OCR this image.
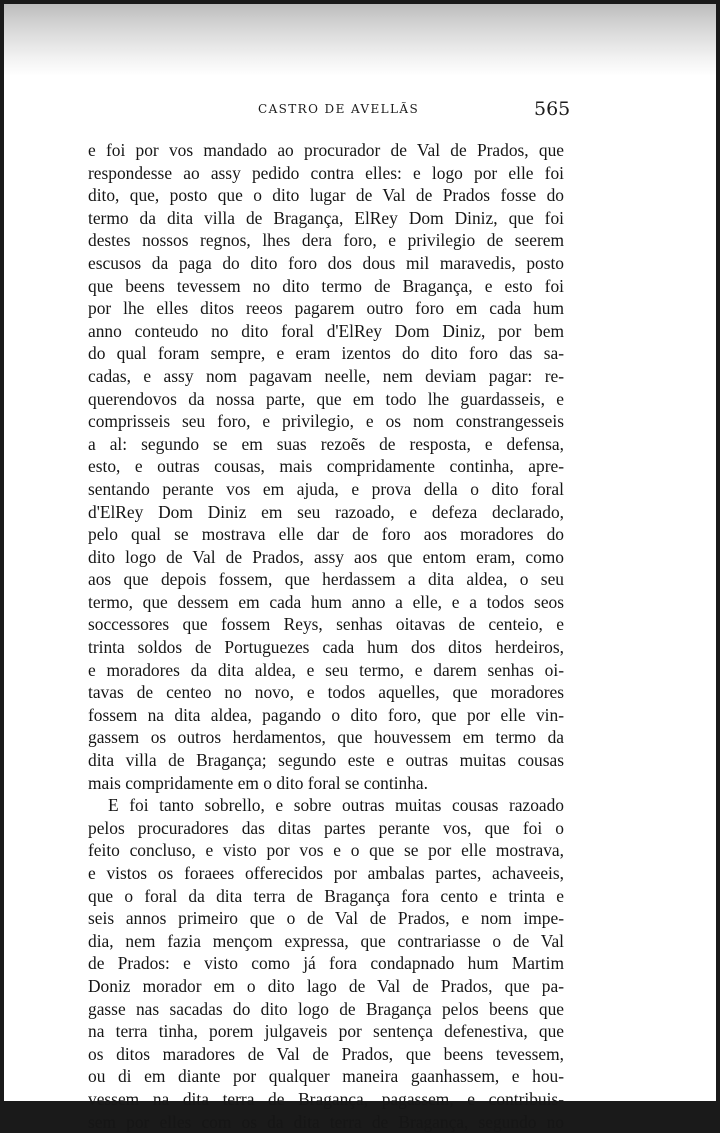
CASTRO DE AVELLÃS	565

e foi por vos mandado ao procurador de Val de Prados, que
respondesse ao assy pedido contra elles: e logo por elle foi
dito, que, posto que o dito lugar de Val de Prados fosse do
termo da dita villa de Bragança, ElRey Dom Diniz, que foi
destes nossos regnos, lhes dera foro, e privilegio de seerem
escusos da paga do dito foro dos dous mil maravedis, posto
que beens tevessem no dito termo de Bragança, e esto foi
por lhe elles ditos reeos pagarem outro foro em cada hum
anno conteudo no dito foral d'ElRey Dom Diniz, por bem
do qual foram sempre, e eram izentos do dito foro das sa-
cadas, e assy nom pagavam neelle, nem deviam pagar: re-
querendovos da nossa parte, que em todo lhe guardasseis, e
comprisseis seu foro, e privilegio, e os nom constrangesseis
a al: segundo se em suas rezoẽs de resposta, e defensa,
esto, e outras cousas, mais compridamente continha, apre-
sentando perante vos em ajuda, e prova della o dito foral
d'ElRey Dom Diniz em seu razoado, e defeza declarado,
pelo qual se mostrava elle dar de foro aos moradores do
dito logo de Val de Prados, assy aos que entom eram, como
aos que depois fossem, que herdassem a dita aldea, o seu
termo, que dessem em cada hum anno a elle, e a todos seos
soccessores que fossem Reys, senhas oitavas de centeio, e
trinta soldos de Portuguezes cada hum dos ditos herdeiros,
e moradores da dita aldea, e seu termo, e darem senhas oi-
tavas de centeo no novo, e todos aquelles, que moradores
fossem na dita aldea, pagando o dito foro, que por elle vin-
gassem os outros herdamentos, que houvessem em termo da
dita villa de Bragança; segundo este e outras muitas cousas
mais compridamente em o dito foral se continha.

E foi tanto sobrello, e sobre outras muitas cousas razoado
pelos procuradores das ditas partes perante vos, que foi o
feito concluso, e visto por vos e o que se por elle mostrava,
e vistos os foraees offerecidos por ambalas partes, achaveeis,
que o foral da dita terra de Bragança fora cento e trinta e
seis annos primeiro que o de Val de Prados, e nom impe-
dia, nem fazia mençom expressa, que contrariasse o de Val
de Prados: e visto como já fora condapnado hum Martim
Doniz morador em o dito lago de Val de Prados, que pa-
gasse nas sacadas do dito logo de Bragança pelos beens que
na terra tinha, porem julgaveis por sentença defenestiva, que
os ditos maradores de Val de Prados, que beens tevessem,
ou di em diante por qualquer maneira gaanhassem, e hou-
vessem na dita terra de Bragança, pagassem, e contribuis-
sem por elles com os da dita terra de Bragança, segundo no
